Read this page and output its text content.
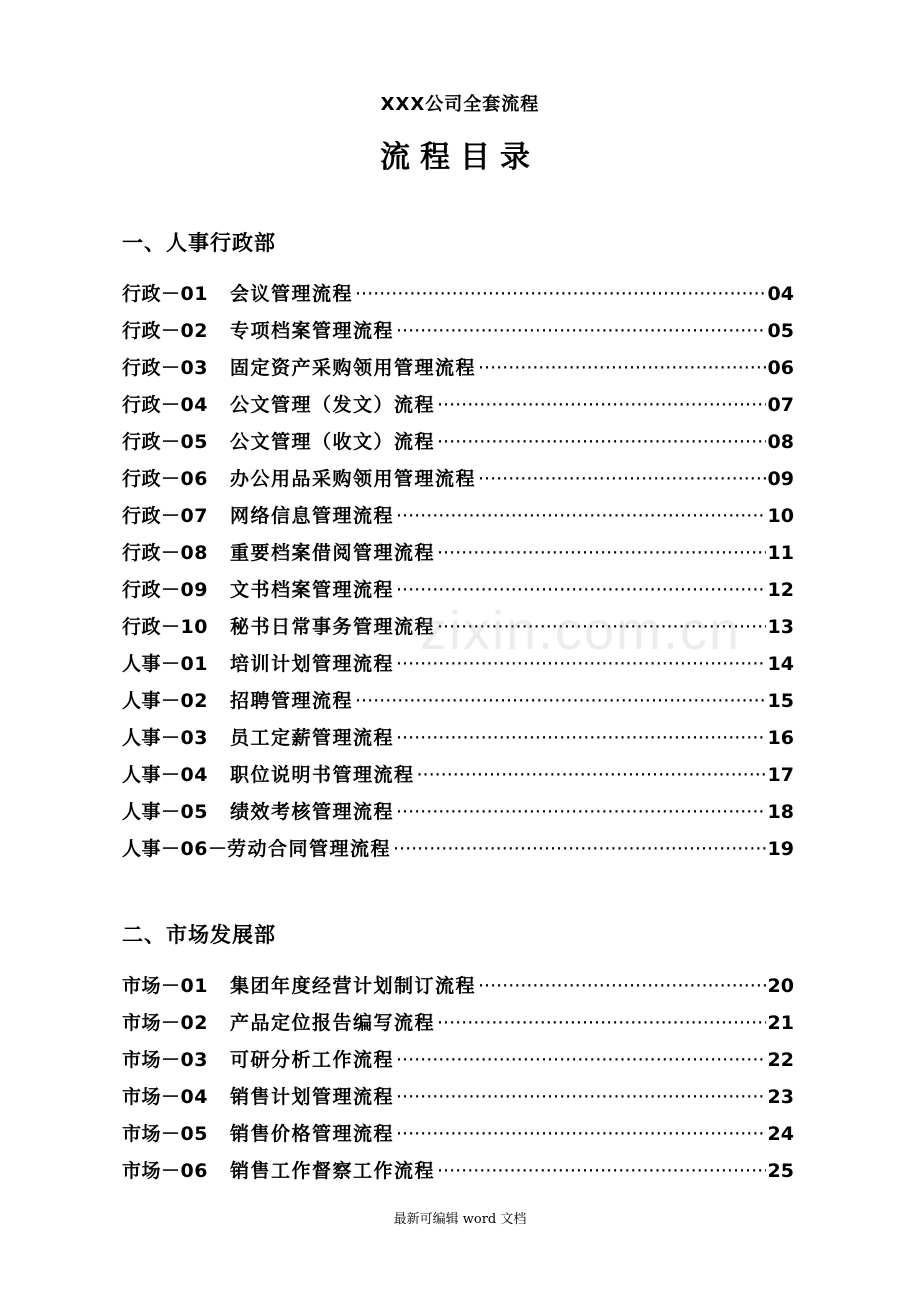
XXX公司全套流程
流程目录
一、人事行政部
行政－01	会议管理流程 ·····	04
行政－02	专项档案管理流程 ·····	05
行政－03	固定资产采购领用管理流程 ·····	06
行政－04	公文管理（发文）流程 ·····	07
行政－05	公文管理（收文）流程 ·····	08
行政－06	办公用品采购领用管理流程 ·····	09
行政－07	网络信息管理流程 ·····	10
行政－08	重要档案借阅管理流程 ·····	11
行政－09	文书档案管理流程 ·····	12
行政－10	秘书日常事务管理流程 ·····	13
人事－01	培训计划管理流程 ·····	14
人事－02	招聘管理流程 ·····	15
人事－03	员工定薪管理流程 ·····	16
人事－04	职位说明书管理流程 ·····	17
人事－05	绩效考核管理流程 ·····	18
人事－06 － 劳动合同管理流程 ·····	19
二、市场发展部
市场－01	集团年度经营计划制订流程 ·····	20
市场－02	产品定位报告编写流程 ·····	21
市场－03	可研分析工作流程 ·····	22
市场－04	销售计划管理流程 ·····	23
市场－05	销售价格管理流程 ·····	24
市场－06	销售工作督察工作流程 ·····	25
zixin.com.cn
最新可编辑 word 文档
